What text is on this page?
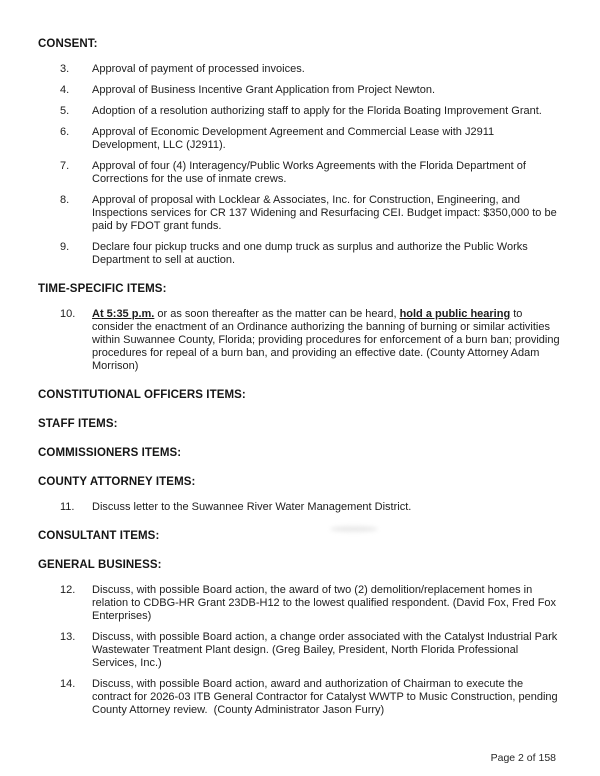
CONSENT:
3.	Approval of payment of processed invoices.
4.	Approval of Business Incentive Grant Application from Project Newton.
5.	Adoption of a resolution authorizing staff to apply for the Florida Boating Improvement Grant.
6.	Approval of Economic Development Agreement and Commercial Lease with J2911 Development, LLC (J2911).
7.	Approval of four (4) Interagency/Public Works Agreements with the Florida Department of Corrections for the use of inmate crews.
8.	Approval of proposal with Locklear & Associates, Inc. for Construction, Engineering, and Inspections services for CR 137 Widening and Resurfacing CEI. Budget impact: $350,000 to be paid by FDOT grant funds.
9.	Declare four pickup trucks and one dump truck as surplus and authorize the Public Works Department to sell at auction.
TIME-SPECIFIC ITEMS:
10.	At 5:35 p.m. or as soon thereafter as the matter can be heard, hold a public hearing to consider the enactment of an Ordinance authorizing the banning of burning or similar activities within Suwannee County, Florida; providing procedures for enforcement of a burn ban; providing procedures for repeal of a burn ban, and providing an effective date. (County Attorney Adam Morrison)
CONSTITUTIONAL OFFICERS ITEMS:
STAFF ITEMS:
COMMISSIONERS ITEMS:
COUNTY ATTORNEY ITEMS:
11.	Discuss letter to the Suwannee River Water Management District.
CONSULTANT ITEMS:
GENERAL BUSINESS:
12.	Discuss, with possible Board action, the award of two (2) demolition/replacement homes in relation to CDBG-HR Grant 23DB-H12 to the lowest qualified respondent. (David Fox, Fred Fox Enterprises)
13.	Discuss, with possible Board action, a change order associated with the Catalyst Industrial Park Wastewater Treatment Plant design. (Greg Bailey, President, North Florida Professional Services, Inc.)
14.	Discuss, with possible Board action, award and authorization of Chairman to execute the contract for 2026-03 ITB General Contractor for Catalyst WWTP to Music Construction, pending County Attorney review.  (County Administrator Jason Furry)
Page 2 of 158
